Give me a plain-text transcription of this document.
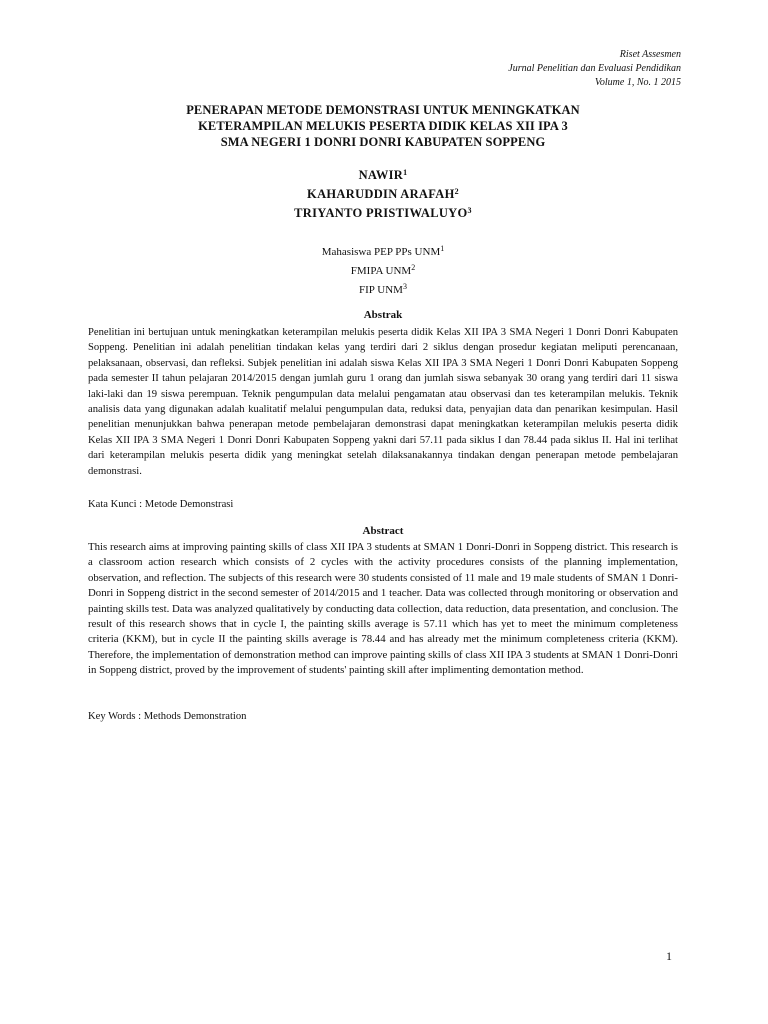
Riset Assesmen
Jurnal Penelitian dan Evaluasi Pendidikan
Volume 1, No. 1 2015
PENERAPAN METODE DEMONSTRASI UNTUK MENINGKATKAN
KETERAMPILAN MELUKIS PESERTA DIDIK KELAS XII IPA 3
SMA NEGERI 1 DONRI DONRI KABUPATEN SOPPENG
NAWIR$^1$
KAHARUDDIN ARAFAH$^2$
TRIYANTO PRISTIWALUYO$^3$
Mahasiswa PEP PPs UNM$^1$
FMIPA UNM$^2$
FIP UNM$^3$
Abstrak

Penelitian ini bertujuan untuk meningkatkan keterampilan melukis peserta didik Kelas XII IPA 3 SMA Negeri 1 Donri Donri Kabupaten Soppeng. Penelitian ini adalah penelitian tindakan kelas yang terdiri dari 2 siklus dengan prosedur kegiatan meliputi perencanaan, pelaksanaan, observasi, dan refleksi. Subjek penelitian ini adalah siswa Kelas XII IPA 3 SMA Negeri 1 Donri Donri Kabupaten Soppeng pada semester II tahun pelajaran 2014/2015 dengan jumlah guru 1 orang dan jumlah siswa sebanyak 30 orang yang terdiri dari 11 siswa laki-laki dan 19 siswa perempuan. Teknik pengumpulan data melalui pengamatan atau observasi dan tes keterampilan melukis. Teknik analisis data yang digunakan adalah kualitatif melalui pengumpulan data, reduksi data, penyajian data dan penarikan kesimpulan. Hasil penelitian menunjukkan bahwa penerapan metode pembelajaran demonstrasi dapat meningkatkan keterampilan melukis peserta didik Kelas XII IPA 3 SMA Negeri 1 Donri Donri Kabupaten Soppeng yakni dari 57.11 pada siklus I dan 78.44 pada siklus II. Hal ini terlihat dari keterampilan melukis peserta didik yang meningkat setelah dilaksanakannya tindakan dengan penerapan metode pembelajaran demonstrasi.

Kata Kunci : Metode Demonstrasi
Abstract

This research aims at improving painting skills of class XII IPA 3 students at SMAN 1 Donri-Donri in Soppeng district. This research is a classroom action research which consists of 2 cycles with the activity procedures consists of the planning implementation, observation, and reflection. The subjects of this research were 30 students consisted of 11 male and 19 male students of SMAN 1 Donri-Donri in Soppeng district in the second semester of 2014/2015 and 1 teacher. Data was collected through monitoring or observation and painting skills test. Data was analyzed qualitatively by conducting data collection, data reduction, data presentation, and conclusion. The result of this research shows that in cycle I, the painting skills average is 57.11 which has yet to meet the minimum completeness criteria (KKM), but in cycle II the painting skills average is 78.44 and has already met the minimum completeness criteria (KKM). Therefore, the implementation of demonstration method can improve painting skills of class XII IPA 3 students at SMAN 1 Donri-Donri in Soppeng district, proved by the improvement of students' painting skill after implimenting demontation method.

Key Words : Methods Demonstration
1
